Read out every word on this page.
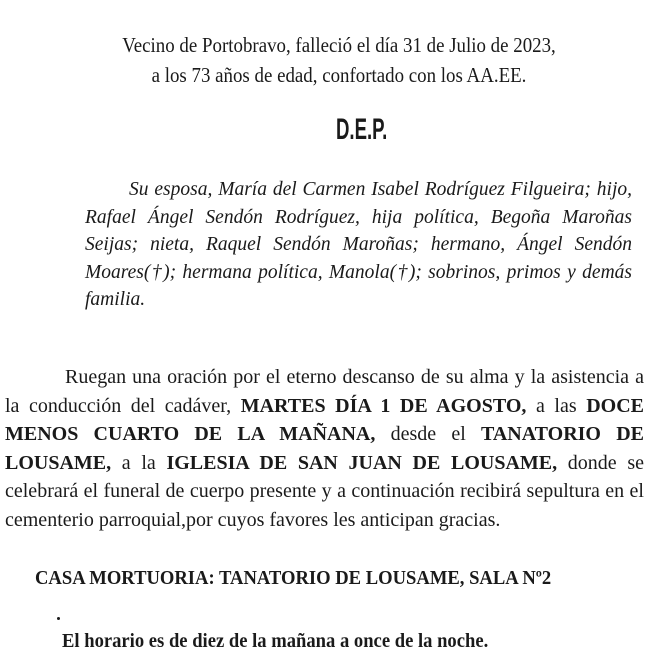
Vecino de Portobravo, falleció el día 31 de Julio de 2023,
a los 73 años de edad, confortado con los AA.EE.
D.E.P.
Su esposa, María del Carmen Isabel Rodríguez Filgueira; hijo, Rafael Ángel Sendón Rodríguez, hija política, Begoña Maroñas Seijas; nieta, Raquel Sendón Maroñas; hermano, Ángel Sendón Moares(†); hermana política, Manola(†); sobrinos, primos y demás familia.
Ruegan una oración por el eterno descanso de su alma y la asistencia a la conducción del cadáver, MARTES DÍA 1 DE AGOSTO, a las DOCE MENOS CUARTO DE LA MAÑANA, desde el TANATORIO DE LOUSAME, a la IGLESIA DE SAN JUAN DE LOUSAME, donde se celebrará el funeral de cuerpo presente y a continuación recibirá sepultura en el cementerio parroquial,por cuyos favores les anticipan gracias.
CASA MORTUORIA: TANATORIO DE LOUSAME, SALA Nº2
El horario es de diez de la mañana a once de la noche.
